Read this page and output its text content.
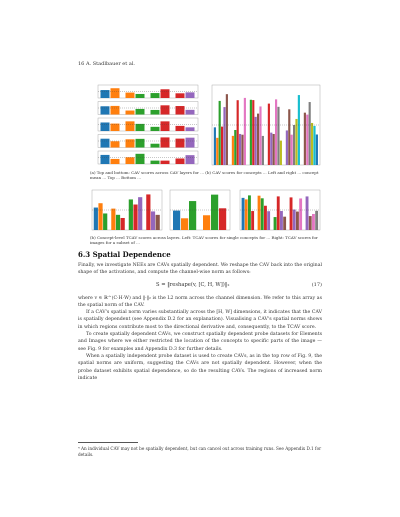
16 A. Stadlbauer et al.
(a) Top and bottom: CAV scores across CAV layers for ... (b) CAV scores for concepts ... Left and right ... concept mean ... Top ... Bottom ...
(b) Concept-level TCAV scores across layers. Left: TCAV scores for single concepts for ... Right: TCAV scores for images for a subset of ...
6.3 Spatial Dependence

Finally, we investigate NEEs are CAVs spatially dependent. We reshape the CAV back into the original shape of the activations, and compute the channel-wise norm as follows:

S = ‖reshape(v, [C, H, W])‖₂	(17)

where v ∈ ℝ^(C·H·W) and ‖·‖₂ is the L2 norm across the channel dimension. We refer to this array as the spatial norm of the CAV.

If a CAV's spatial norm varies substantially across the [H, W] dimensions, it indicates that the CAV is spatially dependent (see Appendix D.2 for an explanation). Visualising a CAV's spatial norms shows in which regions contribute most to the directional derivative and, consequently, to the TCAV score.

To create spatially dependent CAVs, we construct spatially dependent probe datasets for Elements and Images where we either restricted the location of the concepts to specific parts of the image — see Fig. 9 for examples and Appendix D.3 for further details.

When a spatially independent probe dataset is used to create CAVs, as in the top row of Fig. 9, the spatial norms are uniform, suggesting the CAVs are not spatially dependent. However, when the probe dataset exhibits spatial dependence, so do the resulting CAVs. The regions of increased norm indicate

⁴ An individual CAV may not be spatially dependent, but can cancel out across training runs. See Appendix D.1 for details.
